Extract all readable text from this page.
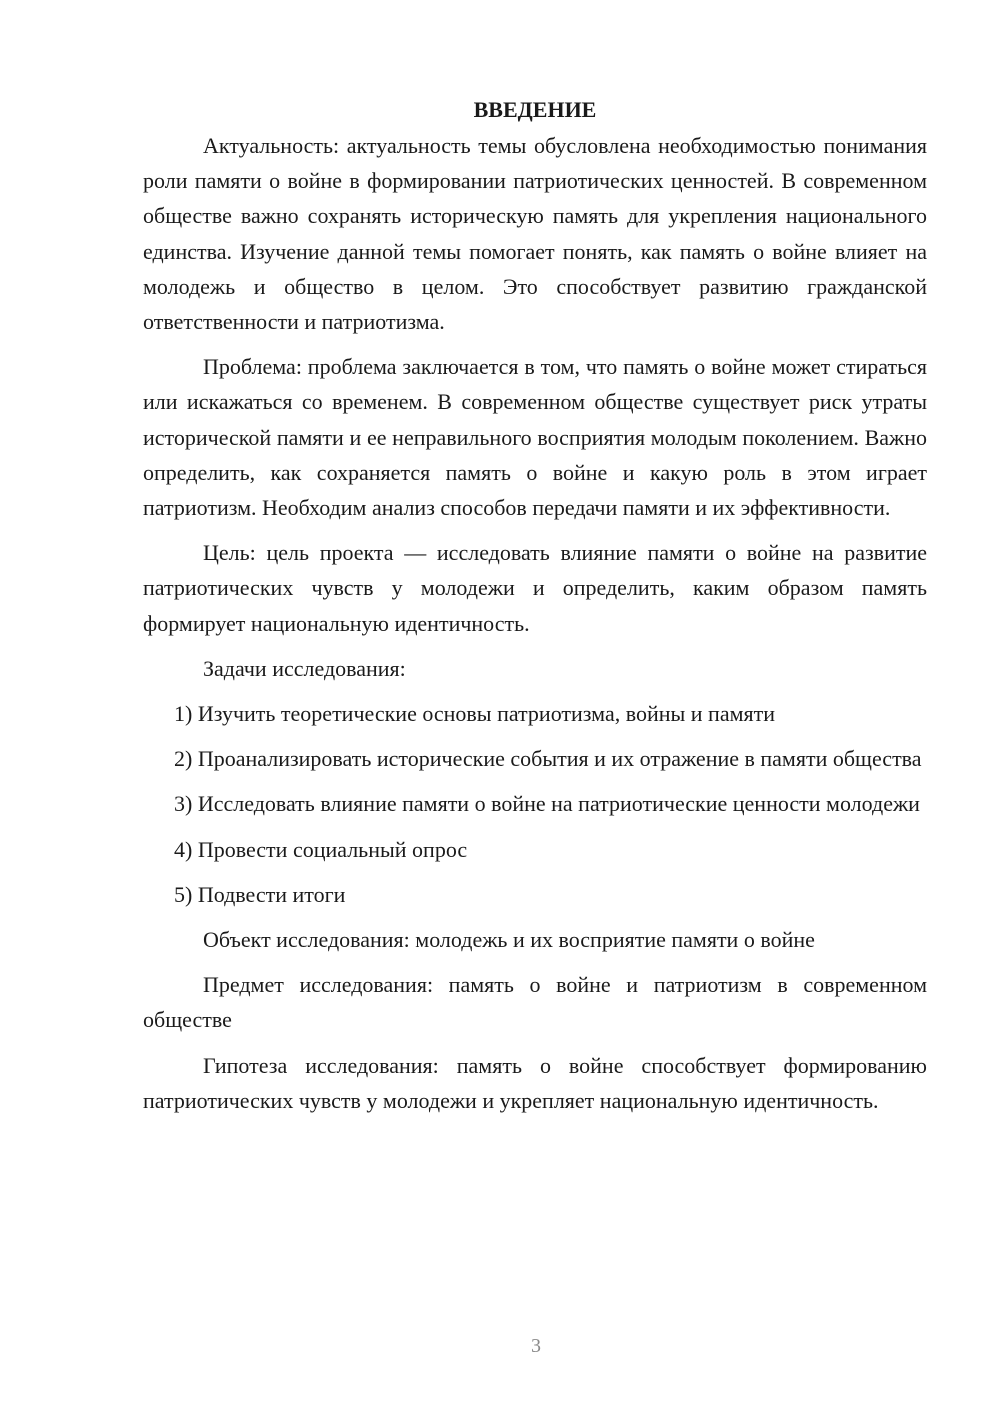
ВВЕДЕНИЕ

Актуальность: актуальность темы обусловлена необходимостью понимания роли памяти о войне в формировании патриотических ценностей. В современном обществе важно сохранять историческую память для укрепления национального единства. Изучение данной темы помогает понять, как память о войне влияет на молодежь и общество в целом. Это способствует развитию гражданской ответственности и патриотизма.

Проблема: проблема заключается в том, что память о войне может стираться или искажаться со временем. В современном обществе существует риск утраты исторической памяти и ее неправильного восприятия молодым поколением. Важно определить, как сохраняется память о войне и какую роль в этом играет патриотизм. Необходим анализ способов передачи памяти и их эффективности.

Цель: цель проекта — исследовать влияние памяти о войне на развитие патриотических чувств у молодежи и определить, каким образом память формирует национальную идентичность.

Задачи исследования:

1) Изучить теоретические основы патриотизма, войны и памяти

2) Проанализировать исторические события и их отражение в памяти общества

3) Исследовать влияние памяти о войне на патриотические ценности молодежи

4) Провести социальный опрос

5) Подвести итоги

Объект исследования: молодежь и их восприятие памяти о войне

Предмет исследования: память о войне и патриотизм в современном обществе

Гипотеза исследования: память о войне способствует формированию патриотических чувств у молодежи и укрепляет национальную идентичность.

3
